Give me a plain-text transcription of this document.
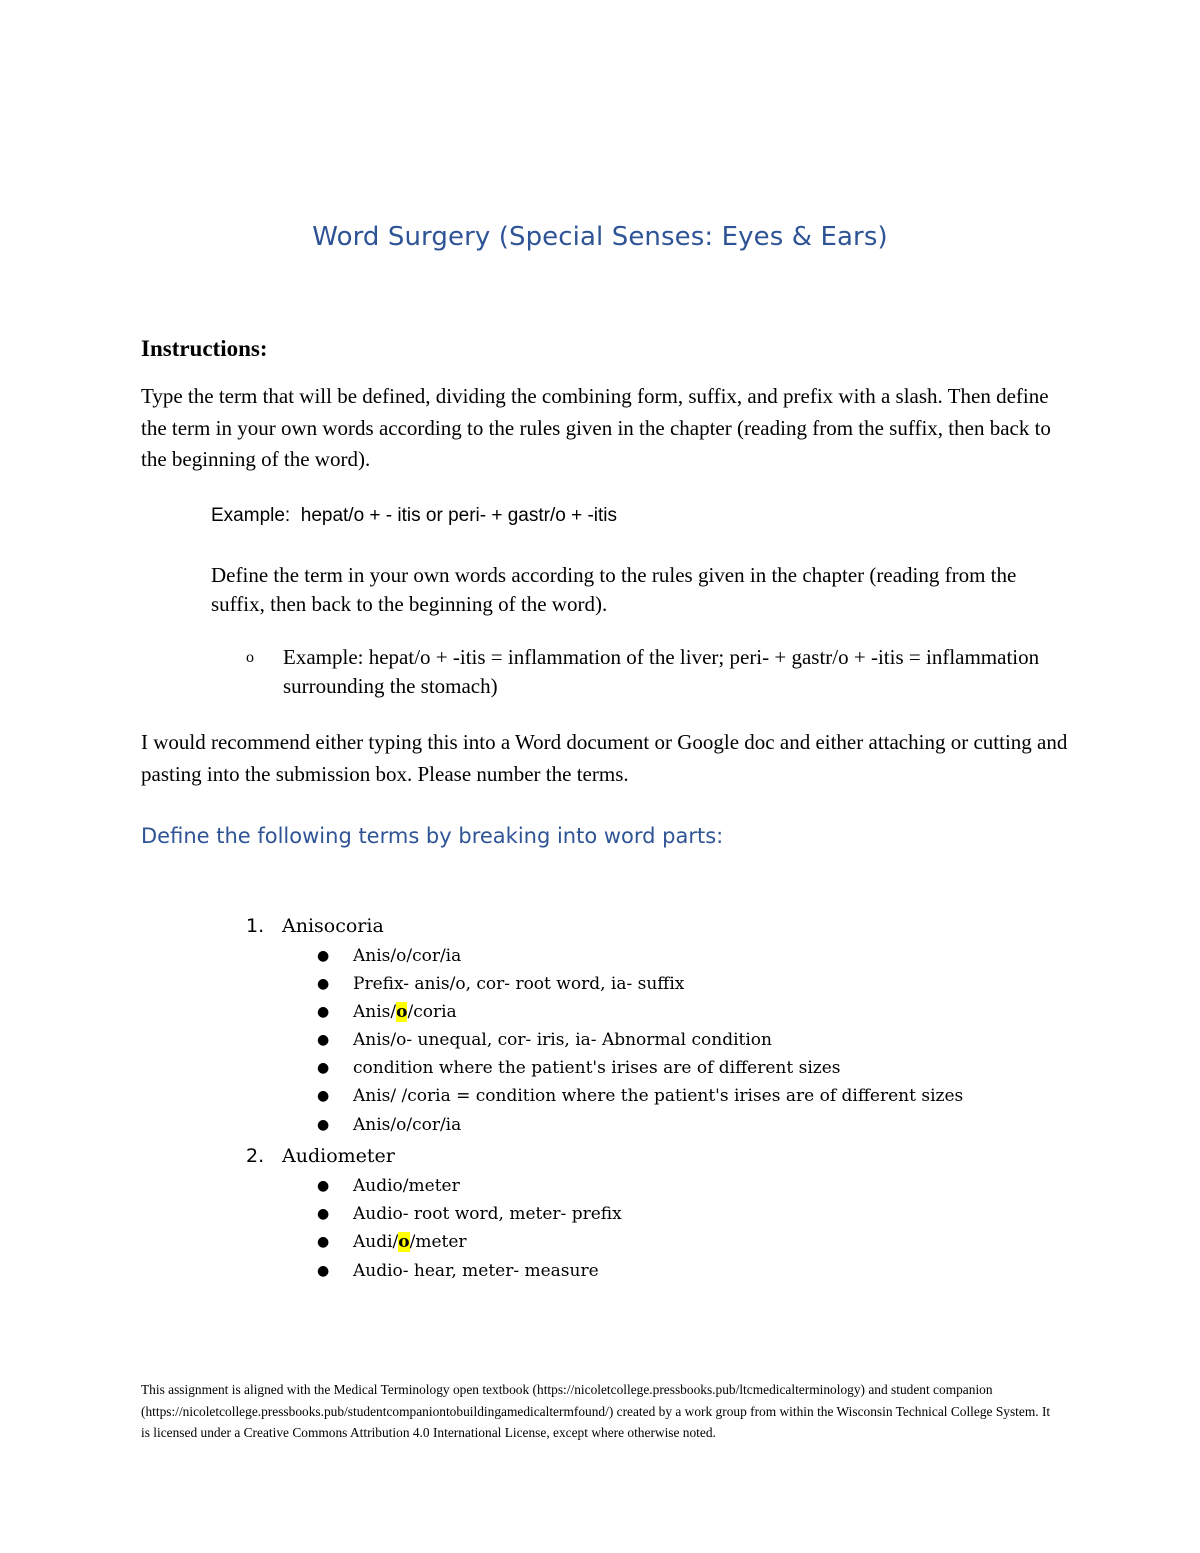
Word Surgery (Special Senses: Eyes & Ears)
Instructions:
Type the term that will be defined, dividing the combining form, suffix, and prefix with a slash. Then define the term in your own words according to the rules given in the chapter (reading from the suffix, then back to the beginning of the word).
Example:  hepat/o + - itis or peri- + gastr/o + -itis
Define the term in your own words according to the rules given in the chapter (reading from the suffix, then back to the beginning of the word).
o Example: hepat/o + -itis = inflammation of the liver; peri- + gastr/o + -itis = inflammation surrounding the stomach)
I would recommend either typing this into a Word document or Google doc and either attaching or cutting and pasting into the submission box. Please number the terms.
Define the following terms by breaking into word parts:
1. Anisocoria
● Anis/o/cor/ia
● Prefix- anis/o, cor- root word, ia- suffix
● Anis/o/coria
● Anis/o- unequal, cor- iris, ia- Abnormal condition
● condition where the patient's irises are of different sizes
● Anis/ /coria = condition where the patient's irises are of different sizes
● Anis/o/cor/ia
2. Audiometer
● Audio/meter
● Audio- root word, meter- prefix
● Audi/o/meter
● Audio- hear, meter- measure
This assignment is aligned with the Medical Terminology open textbook (https://nicoletcollege.pressbooks.pub/ltcmedicalterminology) and student companion (https://nicoletcollege.pressbooks.pub/studentcompaniontobuildingamedicaltermfound/) created by a work group from within the Wisconsin Technical College System. It is licensed under a Creative Commons Attribution 4.0 International License, except where otherwise noted.
